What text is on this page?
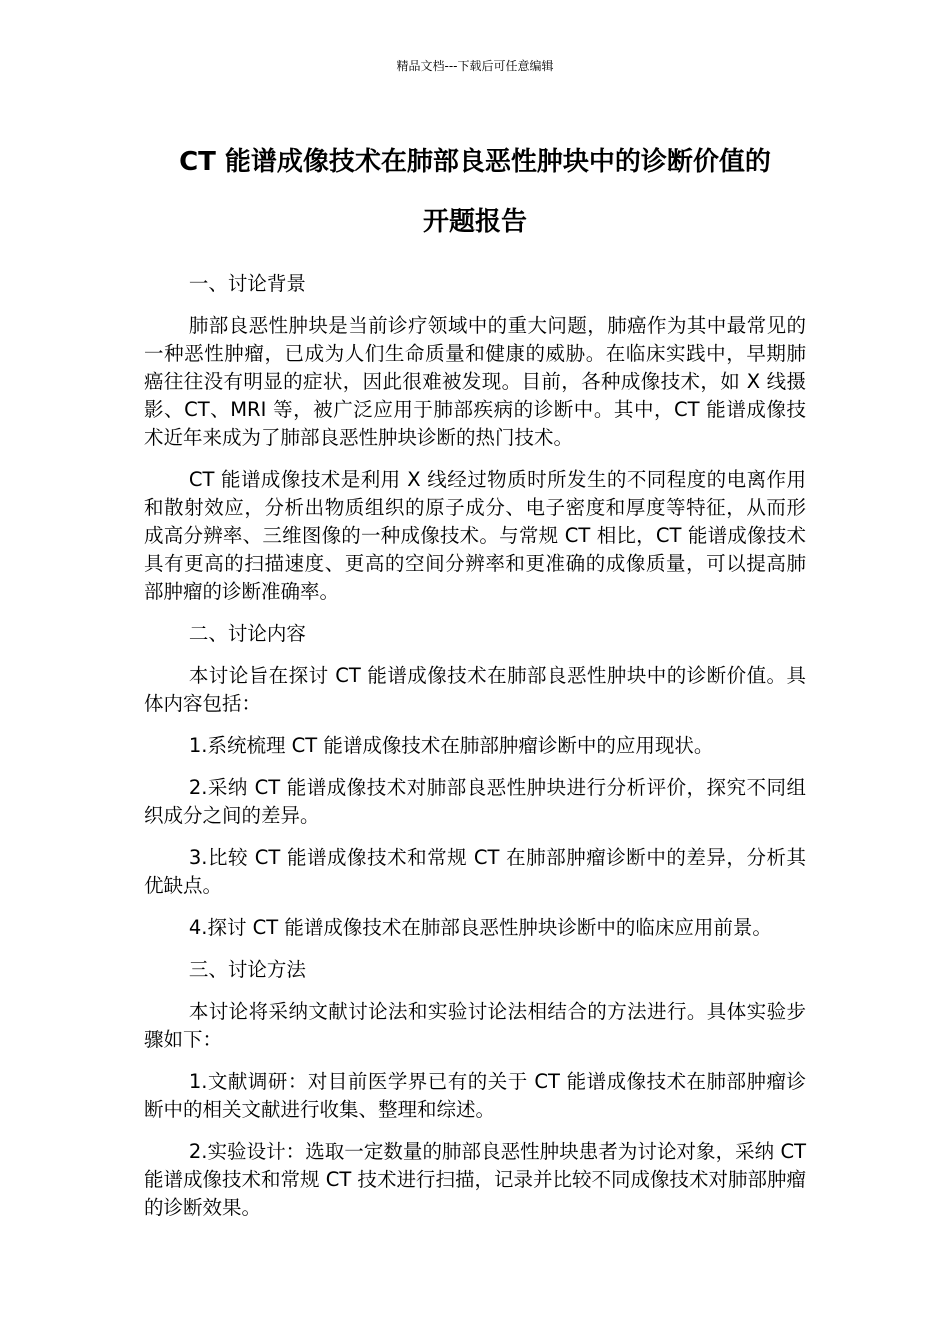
精品文档---下载后可任意编辑
CT 能谱成像技术在肺部良恶性肿块中的诊断价值的
开题报告
一、讨论背景

肺部良恶性肿块是当前诊疗领域中的重大问题，肺癌作为其中最常见的一种恶性肿瘤，已成为人们生命质量和健康的威胁。在临床实践中，早期肺癌往往没有明显的症状，因此很难被发现。目前，各种成像技术，如 X 线摄影、CT、MRI 等，被广泛应用于肺部疾病的诊断中。其中，CT 能谱成像技术近年来成为了肺部良恶性肿块诊断的热门技术。

CT 能谱成像技术是利用 X 线经过物质时所发生的不同程度的电离作用和散射效应，分析出物质组织的原子成分、电子密度和厚度等特征，从而形成高分辨率、三维图像的一种成像技术。与常规 CT 相比，CT 能谱成像技术具有更高的扫描速度、更高的空间分辨率和更准确的成像质量，可以提高肺部肿瘤的诊断准确率。

二、讨论内容

本讨论旨在探讨 CT 能谱成像技术在肺部良恶性肿块中的诊断价值。具体内容包括：

1.系统梳理 CT 能谱成像技术在肺部肿瘤诊断中的应用现状。

2.采纳 CT 能谱成像技术对肺部良恶性肿块进行分析评价，探究不同组织成分之间的差异。

3.比较 CT 能谱成像技术和常规 CT 在肺部肿瘤诊断中的差异，分析其优缺点。

4.探讨 CT 能谱成像技术在肺部良恶性肿块诊断中的临床应用前景。

三、讨论方法

本讨论将采纳文献讨论法和实验讨论法相结合的方法进行。具体实验步骤如下：

1.文献调研：对目前医学界已有的关于 CT 能谱成像技术在肺部肿瘤诊断中的相关文献进行收集、整理和综述。

2.实验设计：选取一定数量的肺部良恶性肿块患者为讨论对象，采纳 CT 能谱成像技术和常规 CT 技术进行扫描，记录并比较不同成像技术对肺部肿瘤的诊断效果。
